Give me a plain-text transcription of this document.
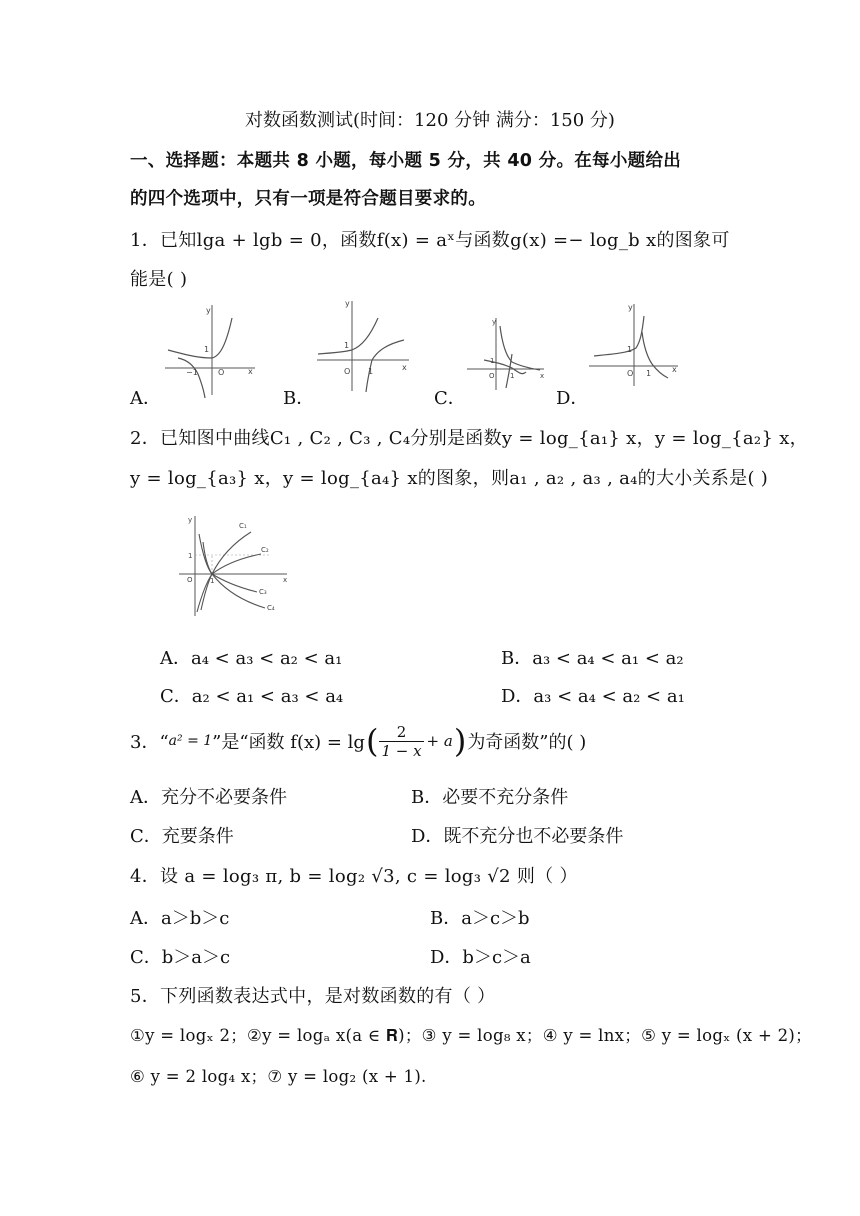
对数函数测试(时间：120 分钟 满分：150 分)
一、选择题：本题共 8 小题，每小题 5 分，共 40 分。在每小题给出
的四个选项中，只有一项是符合题目要求的。
1．已知lga + lgb = 0，函数f(x) = aˣ与函数g(x) =− log_b x的图象可
能是( )
y
x
O
1
−1
A．
y
x
O
1
1
B．
y
x
O
1
1
C．
y
x
O
1
1
D．
2．已知图中曲线C₁ , C₂ , C₃ , C₄分别是函数y = log_{a₁} x，y = log_{a₂} x，
y = log_{a₃} x，y = log_{a₄} x的图象，则a₁ , a₂ , a₃ , a₄的大小关系是( )
y
x
O
1
1
C₁
C₂
C₃
C₄
A．a₄ < a₃ < a₂ < a₁	B．a₃ < a₄ < a₁ < a₂
C．a₂ < a₁ < a₃ < a₄	D．a₃ < a₄ < a₂ < a₁
3．“ a² = 1 ”是“函数 f(x) = lg ( $\frac{2}{1 - x} + a$ ) 为奇函数”的( )
A．充分不必要条件	B．必要不充分条件
C．充要条件	D．既不充分也不必要条件
4．设 a = log₃ π, b = log₂ √3, c = log₃ √2 则（ ）
A．a＞b＞c	B．a＞c＞b
C．b＞a＞c	D．b＞c＞a
5．下列函数表达式中，是对数函数的有（ ）
①y = logₓ 2；②y = logₐ x(a ∈ 𝐑)；③ y = log₈ x；④ y = lnx；⑤ y = logₓ (x + 2)；
⑥ y = 2 log₄ x；⑦ y = log₂ (x + 1).
